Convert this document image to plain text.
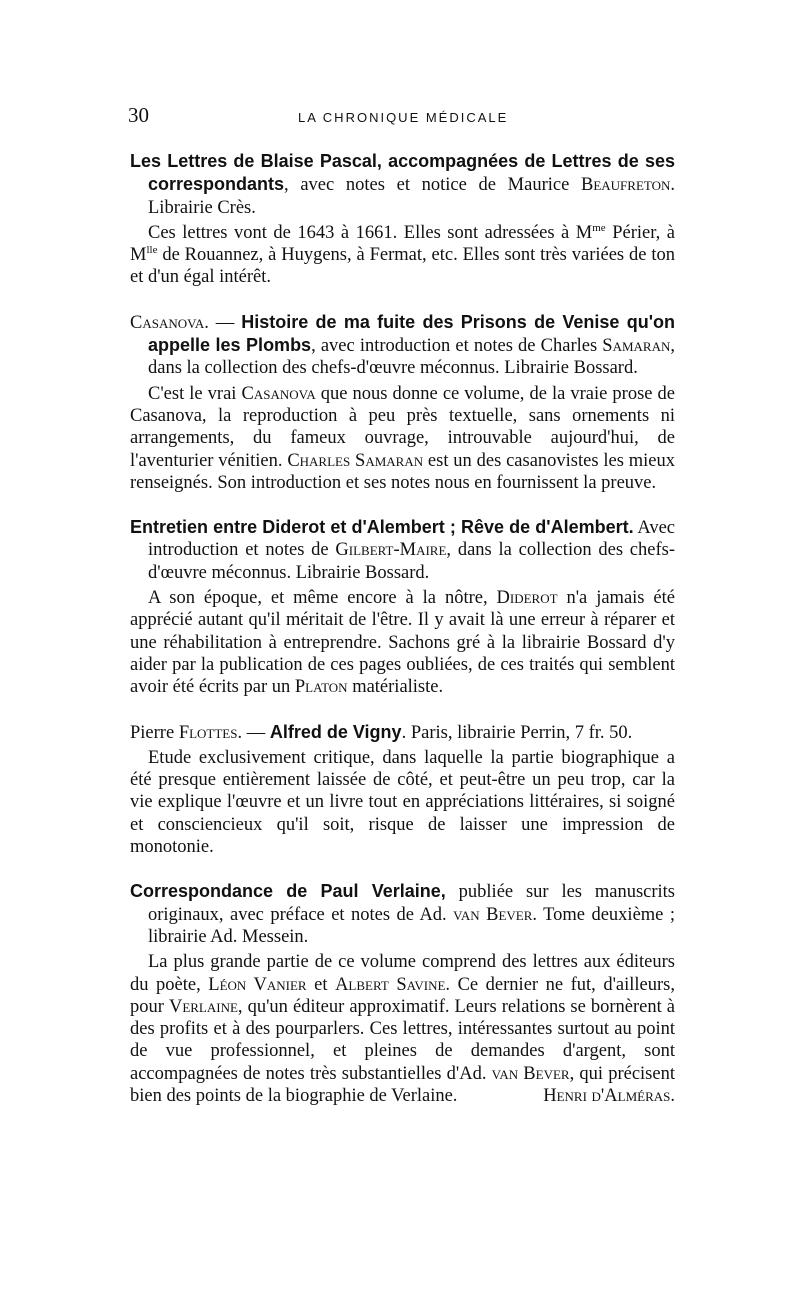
30	LA CHRONIQUE MÉDICALE

Les Lettres de Blaise Pascal, accompagnées de Lettres de ses correspondants, avec notes et notice de Maurice Beaufreton. Librairie Crès.

Ces lettres vont de 1643 à 1661. Elles sont adressées à $M^{me}$ Périer, à $M^{lle}$ de Rouannez, à Huygens, à Fermat, etc. Elles sont très variées de ton et d'un égal intérêt.

Casanova. — Histoire de ma fuite des Prisons de Venise qu'on appelle les Plombs, avec introduction et notes de Charles Samaran, dans la collection des chefs-d'œuvre méconnus. Librairie Bossard.

C'est le vrai Casanova que nous donne ce volume, de la vraie prose de Casanova, la reproduction à peu près textuelle, sans ornements ni arrangements, du fameux ouvrage, introuvable aujourd'hui, de l'aventurier vénitien. Charles Samaran est un des casanovistes les mieux renseignés. Son introduction et ses notes nous en fournissent la preuve.

Entretien entre Diderot et d'Alembert ; Rêve de d'Alembert. Avec introduction et notes de Gilbert-Maire, dans la collection des chefs-d'œuvre méconnus. Librairie Bossard.

A son époque, et même encore à la nôtre, Diderot n'a jamais été apprécié autant qu'il méritait de l'être. Il y avait là une erreur à réparer et une réhabilitation à entreprendre. Sachons gré à la librairie Bossard d'y aider par la publication de ces pages oubliées, de ces traités qui semblent avoir été écrits par un Platon matérialiste.

Pierre Flottes. — Alfred de Vigny. Paris, librairie Perrin, 7 fr. 50.

Etude exclusivement critique, dans laquelle la partie biographique a été presque entièrement laissée de côté, et peut-être un peu trop, car la vie explique l'œuvre et un livre tout en appréciations littéraires, si soigné et consciencieux qu'il soit, risque de laisser une impression de monotonie.

Correspondance de Paul Verlaine, publiée sur les manuscrits originaux, avec préface et notes de Ad. van Bever. Tome deuxième ; librairie Ad. Messein.

La plus grande partie de ce volume comprend des lettres aux éditeurs du poète, Léon Vanier et Albert Savine. Ce dernier ne fut, d'ailleurs, pour Verlaine, qu'un éditeur approximatif. Leurs relations se bornèrent à des profits et à des pourparlers. Ces lettres, intéressantes surtout au point de vue professionnel, et pleines de demandes d'argent, sont accompagnées de notes très substantielles d'Ad. van Bever, qui précisent bien des points de la biographie de Verlaine.	Henri d'Alméras.
